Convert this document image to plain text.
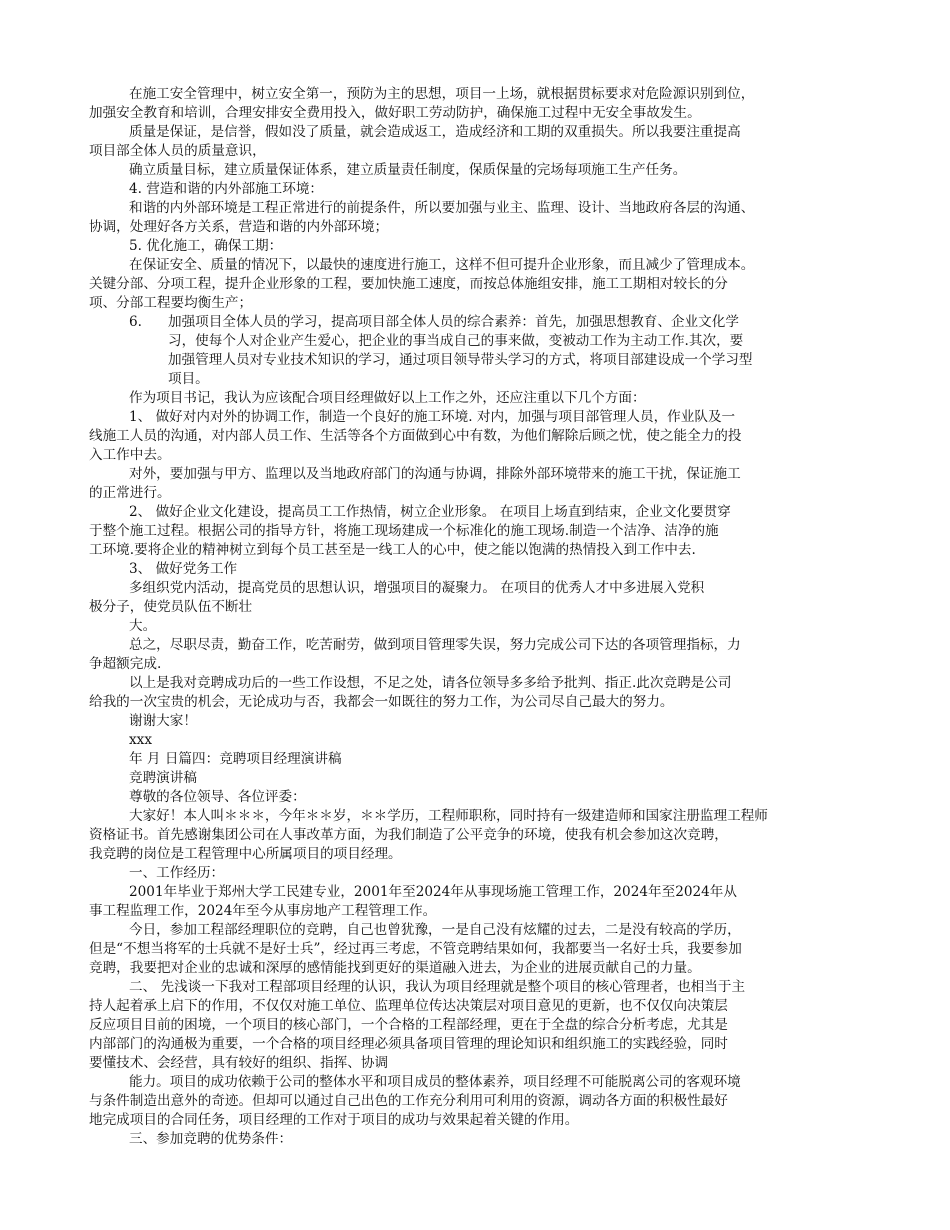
在施工安全管理中，树立安全第一，预防为主的思想，项目一上场，就根据贯标要求对危险源识别到位，
加强安全教育和培训，合理安排安全费用投入，做好职工劳动防护，确保施工过程中无安全事故发生。
质量是保证，是信誉，假如没了质量，就会造成返工，造成经济和工期的双重损失。所以我要注重提高
项目部全体人员的质量意识，
确立质量目标，建立质量保证体系，建立质量责任制度，保质保量的完场每项施工生产任务。
4. 营造和谐的内外部施工环境：
和谐的内外部环境是工程正常进行的前提条件，所以要加强与业主、监理、设计、当地政府各层的沟通、
协调，处理好各方关系，营造和谐的内外部环境；
5. 优化施工，确保工期：
在保证安全、质量的情况下，以最快的速度进行施工，这样不但可提升企业形象，而且减少了管理成本。
关键分部、分项工程，提升企业形象的工程，要加快施工速度，而按总体施组安排，施工工期相对较长的分
项、分部工程要均衡生产；
6. 加强项目全体人员的学习，提高项目部全体人员的综合素养：首先，加强思想教育、企业文化学
习，使每个人对企业产生爱心，把企业的事当成自己的事来做，变被动工作为主动工作.其次，要
加强管理人员对专业技术知识的学习，通过项目领导带头学习的方式，将项目部建设成一个学习型
项目。
作为项目书记，我认为应该配合项目经理做好以上工作之外，还应注重以下几个方面：
1、 做好对内对外的协调工作，制造一个良好的施工环境. 对内，加强与项目部管理人员，作业队及一
线施工人员的沟通，对内部人员工作、生活等各个方面做到心中有数，为他们解除后顾之忧，使之能全力的投
入工作中去。
对外，要加强与甲方、监理以及当地政府部门的沟通与协调，排除外部环境带来的施工干扰，保证施工
的正常进行。
2、 做好企业文化建设，提高员工工作热情，树立企业形象。 在项目上场直到结束，企业文化要贯穿
于整个施工过程。根据公司的指导方针，将施工现场建成一个标准化的施工现场.制造一个洁净、洁净的施
工环境.要将企业的精神树立到每个员工甚至是一线工人的心中，使之能以饱满的热情投入到工作中去.
3、 做好党务工作
多组织党内活动，提高党员的思想认识，增强项目的凝聚力。 在项目的优秀人才中多进展入党积
极分子，使党员队伍不断壮
大。
总之，尽职尽责，勤奋工作，吃苦耐劳，做到项目管理零失误，努力完成公司下达的各项管理指标，力
争超额完成.
以上是我对竞聘成功后的一些工作设想，不足之处，请各位领导多多给予批判、指正.此次竞聘是公司
给我的一次宝贵的机会，无论成功与否，我都会一如既往的努力工作，为公司尽自己最大的努力。
谢谢大家！
xxx
年 月 日篇四：竞聘项目经理演讲稿
竞聘演讲稿
尊敬的各位领导、各位评委：
大家好！本人叫＊＊＊，今年＊＊岁，＊＊学历，工程师职称，同时持有一级建造师和国家注册监理工程师
资格证书。首先感谢集团公司在人事改革方面，为我们制造了公平竞争的环境，使我有机会参加这次竞聘，
我竞聘的岗位是工程管理中心所属项目的项目经理。
一、工作经历：
2001年毕业于郑州大学工民建专业，2001年至2024年从事现场施工管理工作，2024年至2024年从
事工程监理工作，2024年至今从事房地产工程管理工作。
今日，参加工程部经理职位的竞聘，自己也曾犹豫，一是自己没有炫耀的过去，二是没有较高的学历，
但是“不想当将军的士兵就不是好士兵”，经过再三考虑，不管竞聘结果如何，我都要当一名好士兵，我要参加
竞聘，我要把对企业的忠诚和深厚的感情能找到更好的渠道融入进去，为企业的进展贡献自己的力量。
二、 先浅谈一下我对工程部项目经理的认识，我认为项目经理就是整个项目的核心管理者，也相当于主
持人起着承上启下的作用，不仅仅对施工单位、监理单位传达决策层对项目意见的更新，也不仅仅向决策层
反应项目目前的困境，一个项目的核心部门，一个合格的工程部经理，更在于全盘的综合分析考虑，尤其是
内部部门的沟通极为重要，一个合格的项目经理必须具备项目管理的理论知识和组织施工的实践经验，同时
要懂技术、会经营，具有较好的组织、指挥、协调
能力。项目的成功依赖于公司的整体水平和项目成员的整体素养，项目经理不可能脱离公司的客观环境
与条件制造出意外的奇迹。但却可以通过自己出色的工作充分利用可利用的资源，调动各方面的积极性最好
地完成项目的合同任务，项目经理的工作对于项目的成功与效果起着关键的作用。
三、参加竞聘的优势条件：
